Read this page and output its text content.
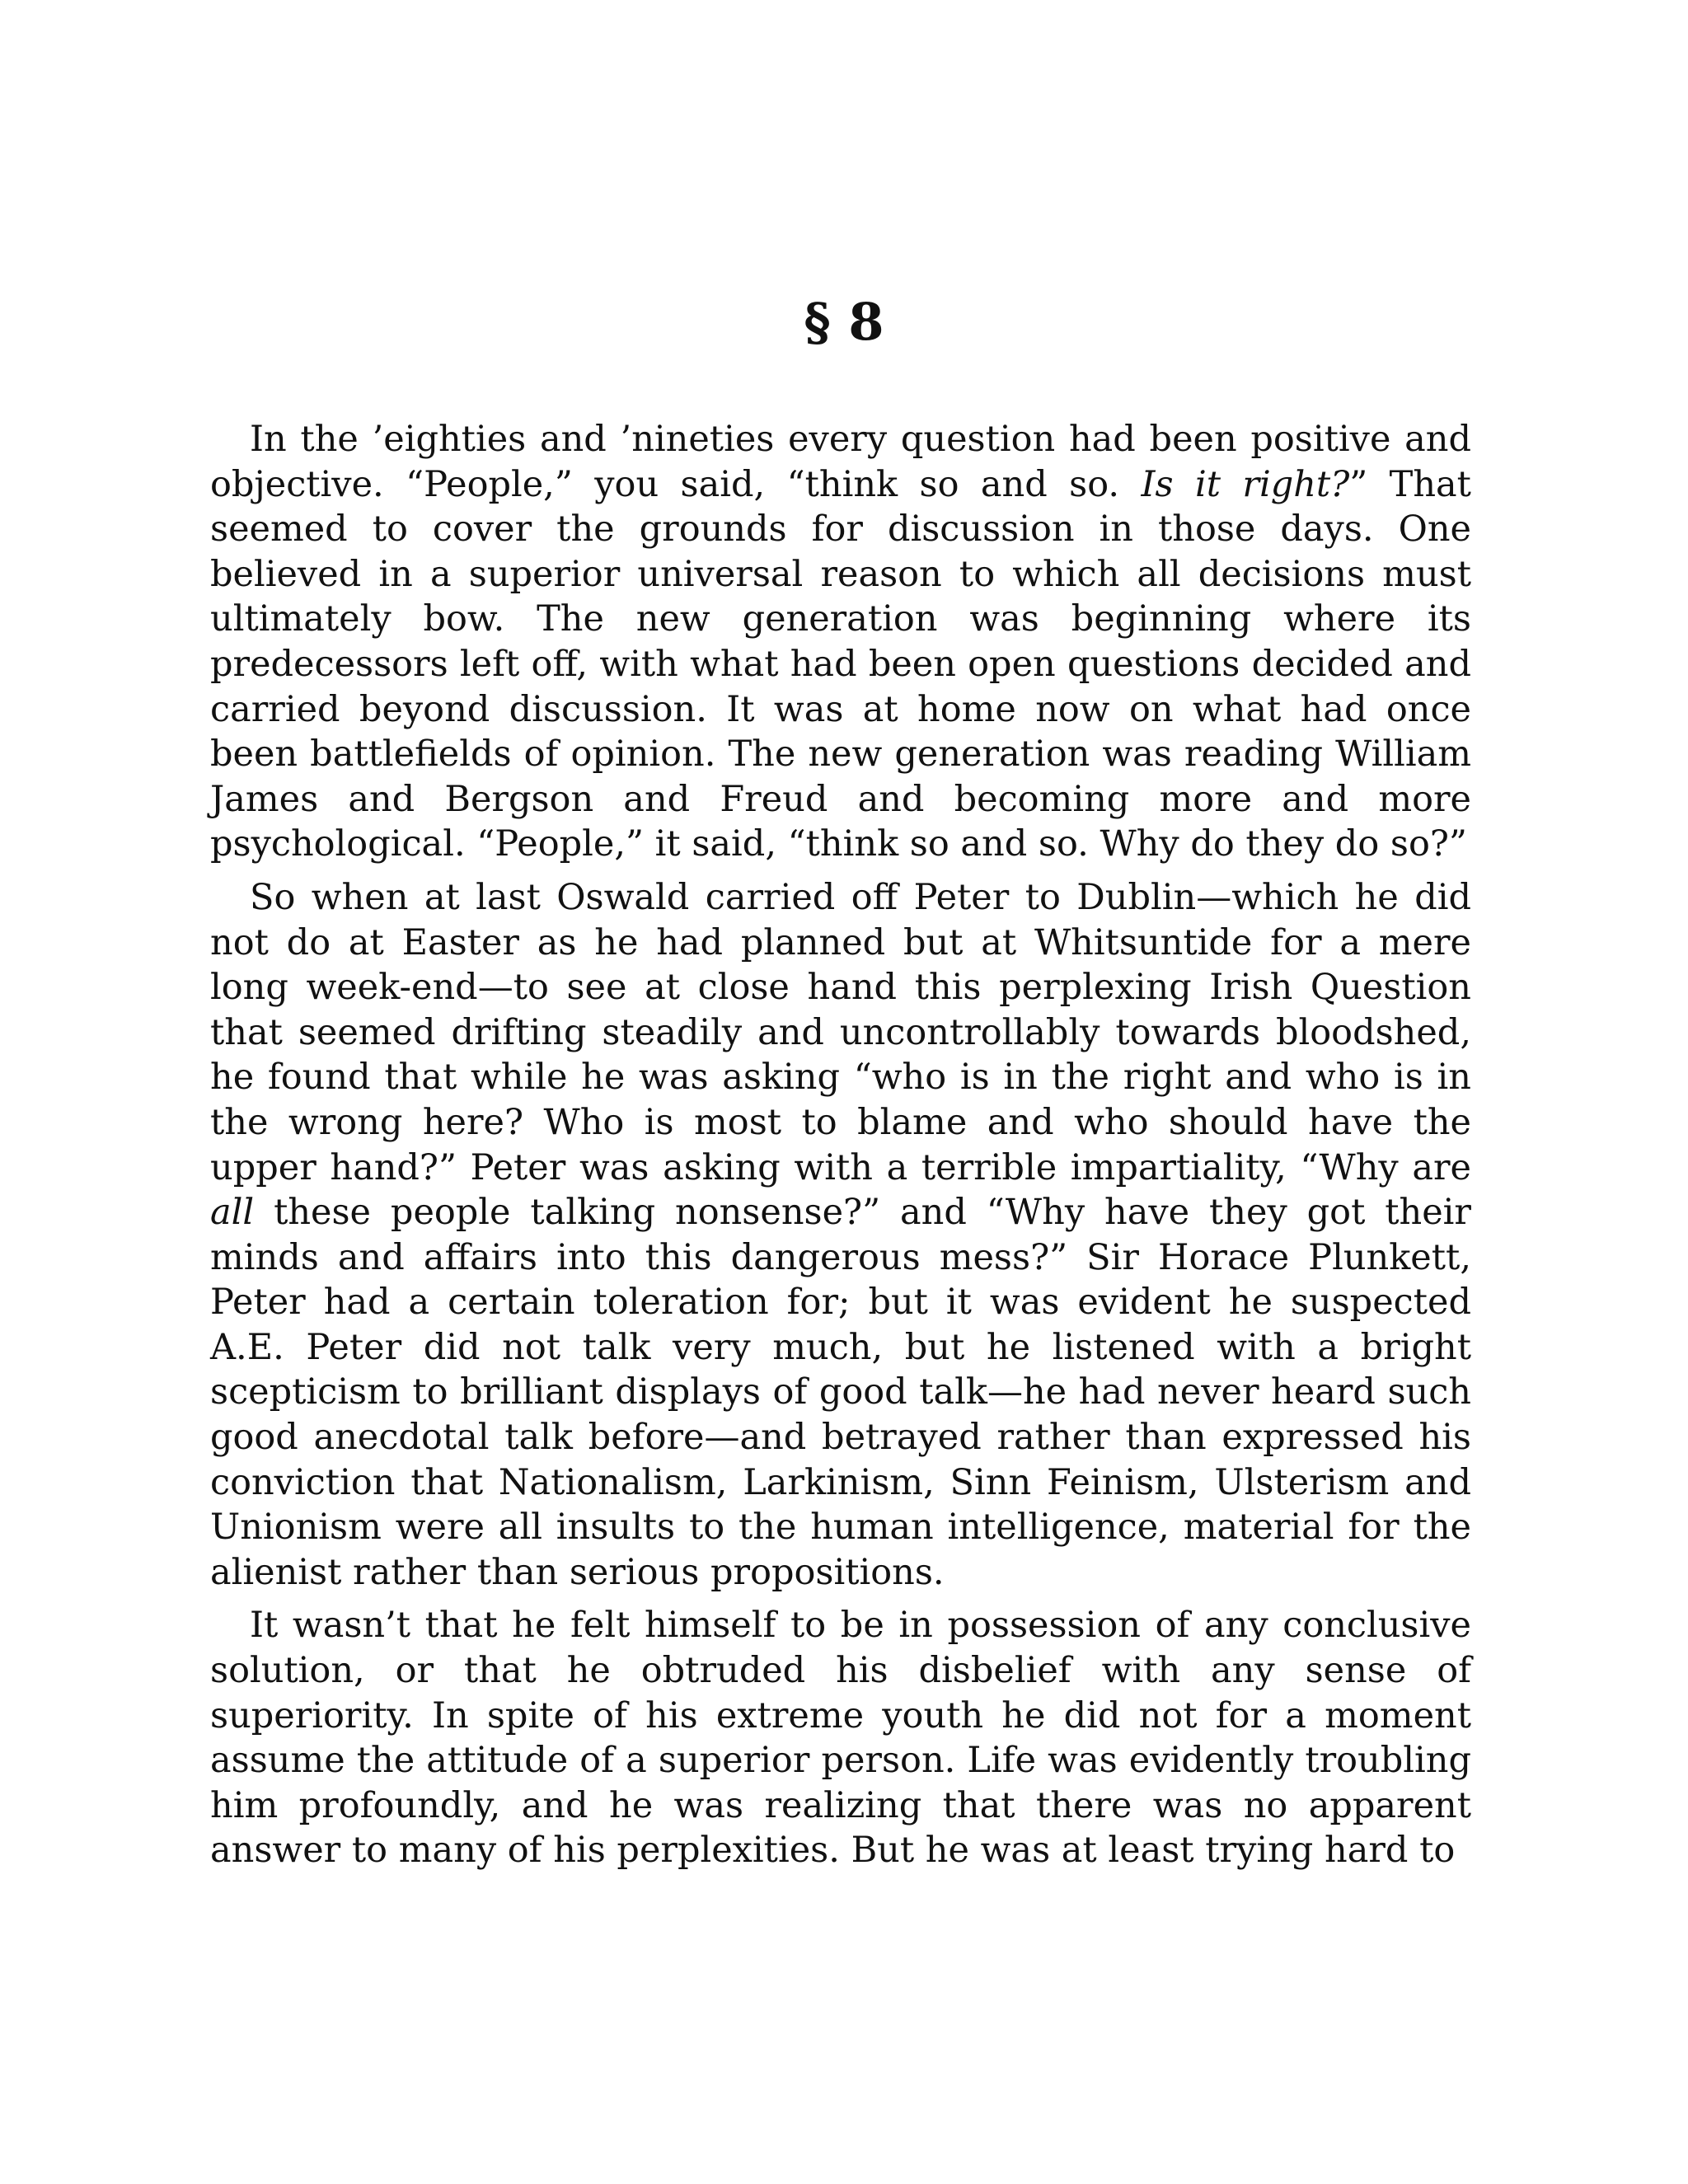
§ 8

In the ’eighties and ’nineties every question had been positive and objective. “People,” you said, “think so and so. Is it right?” That seemed to cover the grounds for discussion in those days. One believed in a superior universal reason to which all decisions must ultimately bow. The new generation was beginning where its predecessors left off, with what had been open questions decided and carried beyond discussion. It was at home now on what had once been battlefields of opinion. The new generation was reading William James and Bergson and Freud and becoming more and more psychological. “People,” it said, “think so and so. Why do they do so?”

So when at last Oswald carried off Peter to Dublin—which he did not do at Easter as he had planned but at Whitsuntide for a mere long week-end—to see at close hand this perplexing Irish Question that seemed drifting steadily and uncontrollably towards bloodshed, he found that while he was asking “who is in the right and who is in the wrong here? Who is most to blame and who should have the upper hand?” Peter was asking with a terrible impartiality, “Why are all these people talking nonsense?” and “Why have they got their minds and affairs into this dangerous mess?” Sir Horace Plunkett, Peter had a certain toleration for; but it was evident he suspected A.E. Peter did not talk very much, but he listened with a bright scepticism to brilliant displays of good talk—he had never heard such good anecdotal talk before—and betrayed rather than expressed his conviction that Nationalism, Larkinism, Sinn Feinism, Ulsterism and Unionism were all insults to the human intelligence, material for the alienist rather than serious propositions.

It wasn’t that he felt himself to be in possession of any conclusive solution, or that he obtruded his disbelief with any sense of superiority. In spite of his extreme youth he did not for a moment assume the attitude of a superior person. Life was evidently troubling him profoundly, and he was realizing that there was no apparent answer to many of his perplexities. But he was at least trying hard to
